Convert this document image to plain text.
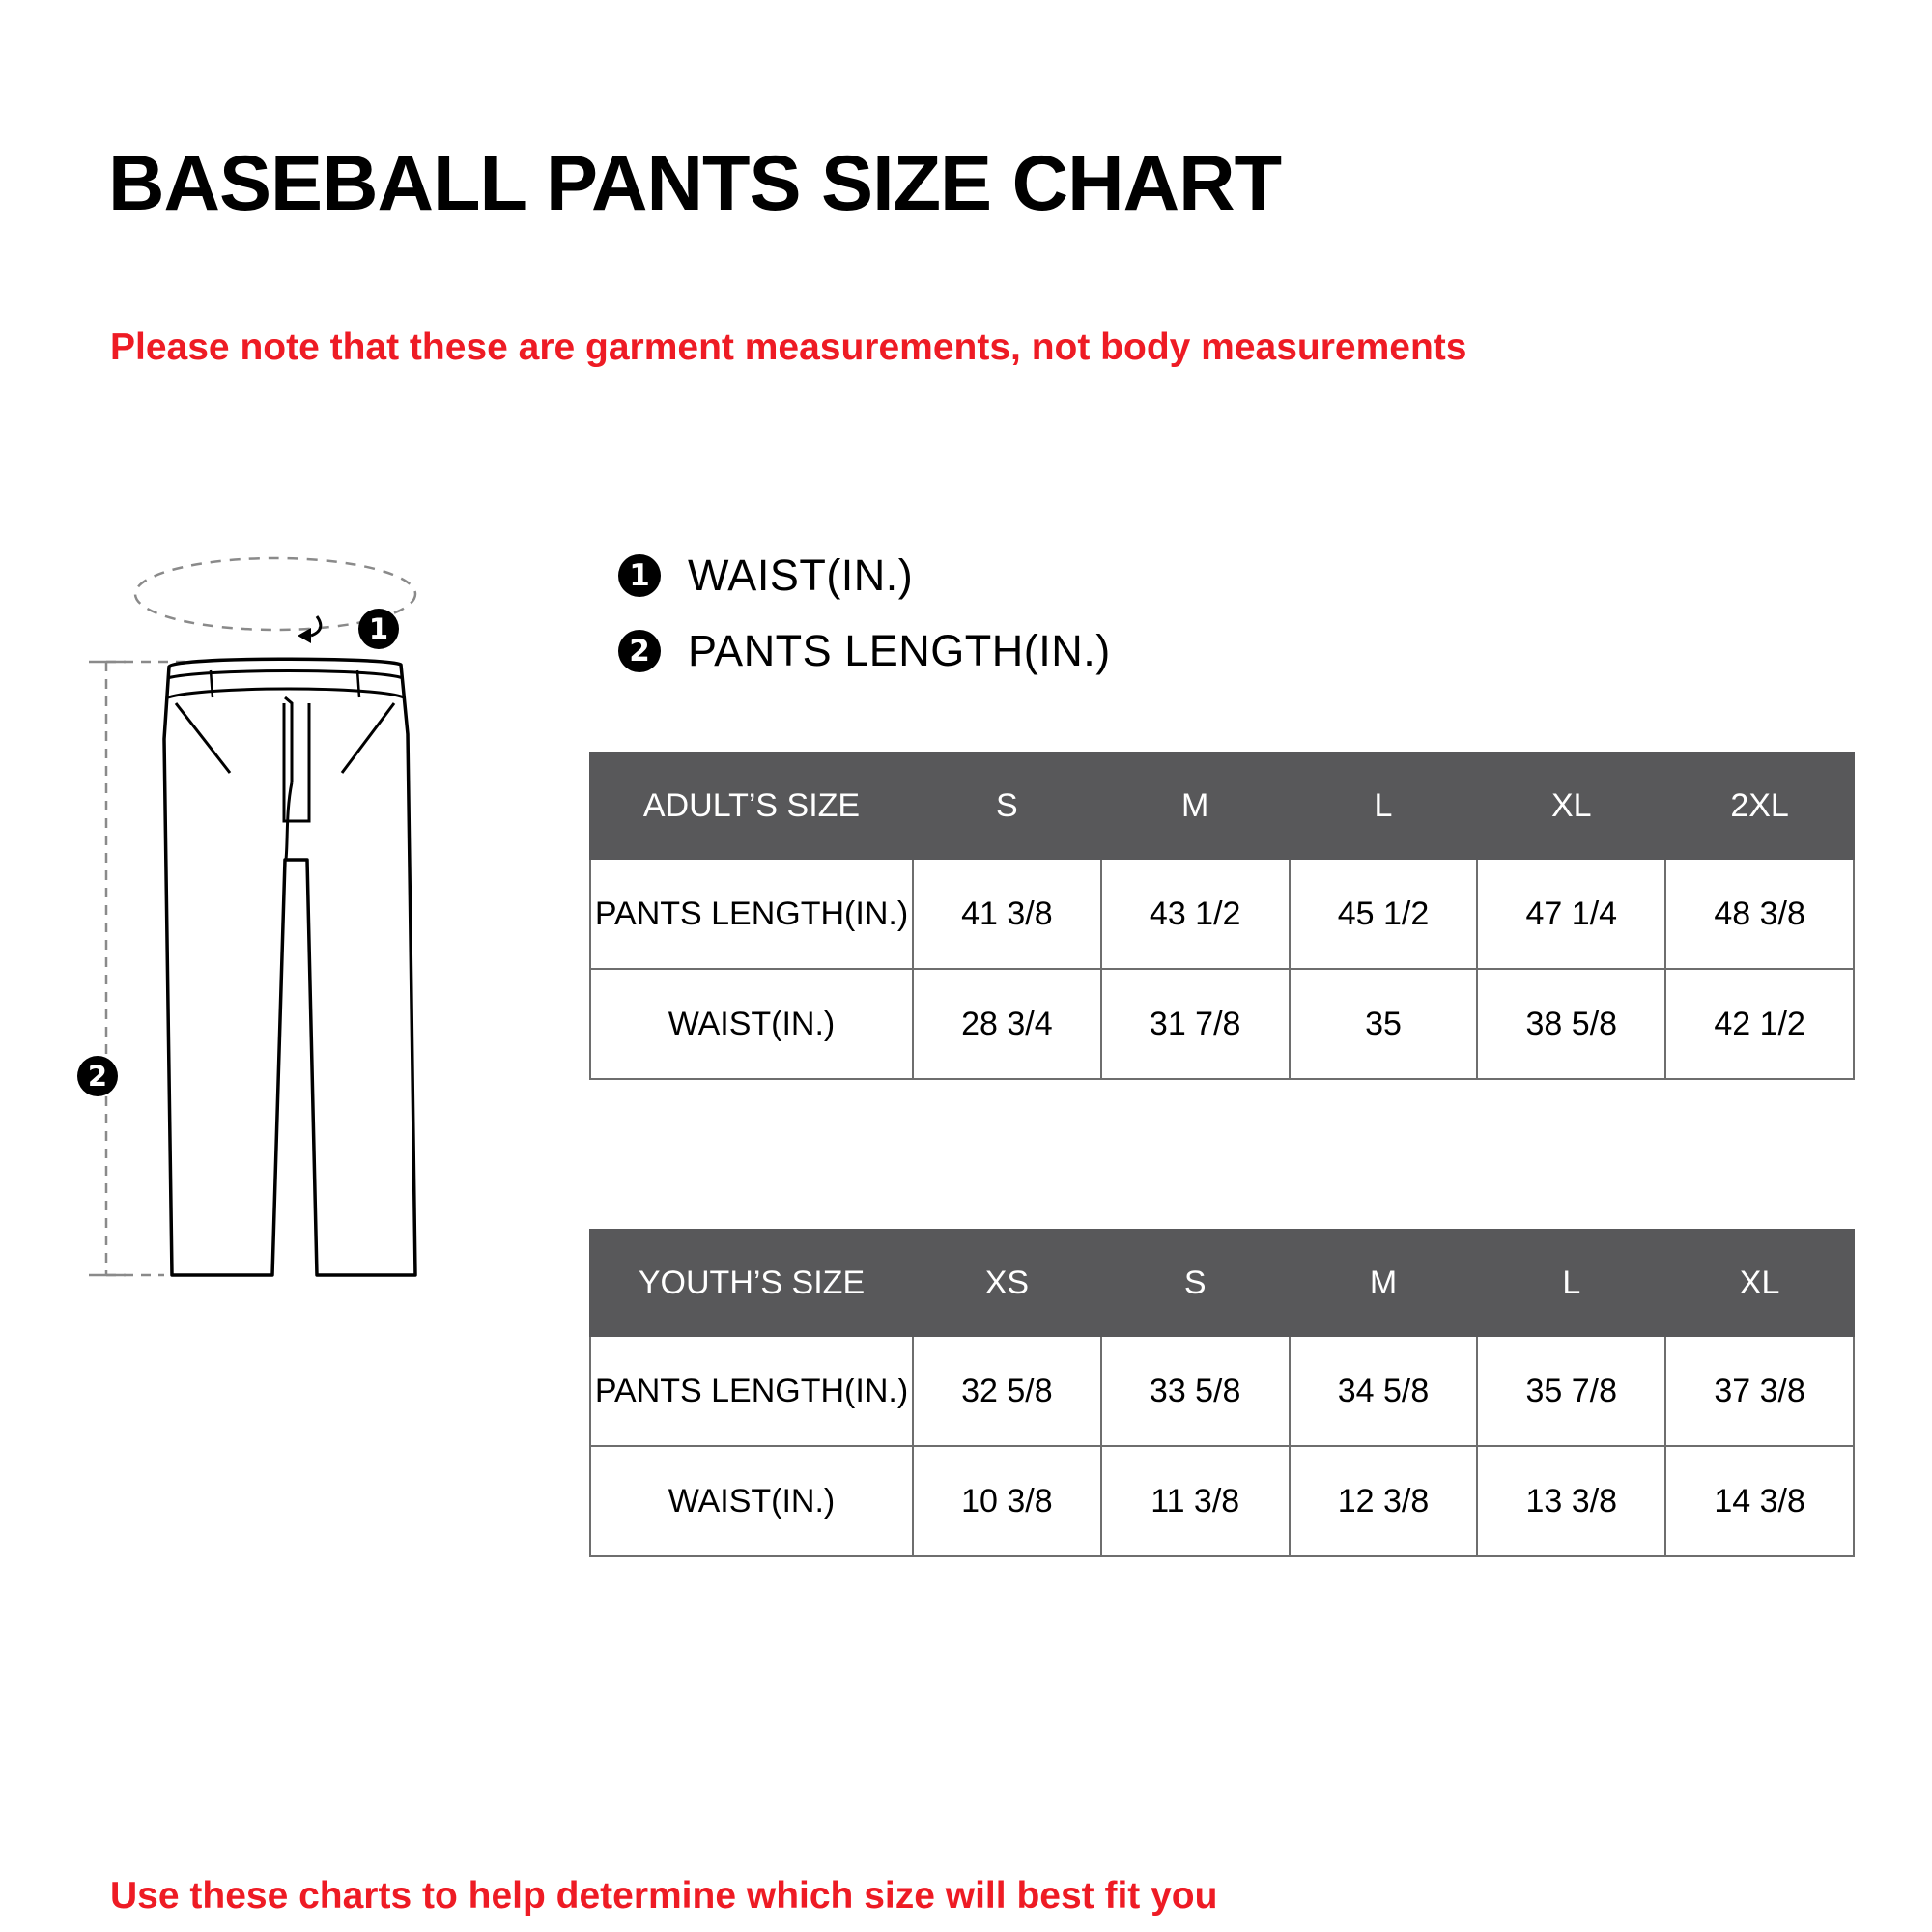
BASEBALL PANTS SIZE CHART

Please note that these are garment measurements, not body measurements

1 WAIST(IN.)
2 PANTS LENGTH(IN.)
1
2
ADULT’S SIZE	S	M	L	XL	2XL
PANTS LENGTH(IN.)	41 3/8	43 1/2	45 1/2	47 1/4	48 3/8
WAIST(IN.)	28 3/4	31 7/8	35	38 5/8	42 1/2
YOUTH’S SIZE	XS	S	M	L	XL
PANTS LENGTH(IN.)	32 5/8	33 5/8	34 5/8	35 7/8	37 3/8
WAIST(IN.)	10 3/8	11 3/8	12 3/8	13 3/8	14 3/8

Use these charts to help determine which size will best fit you
